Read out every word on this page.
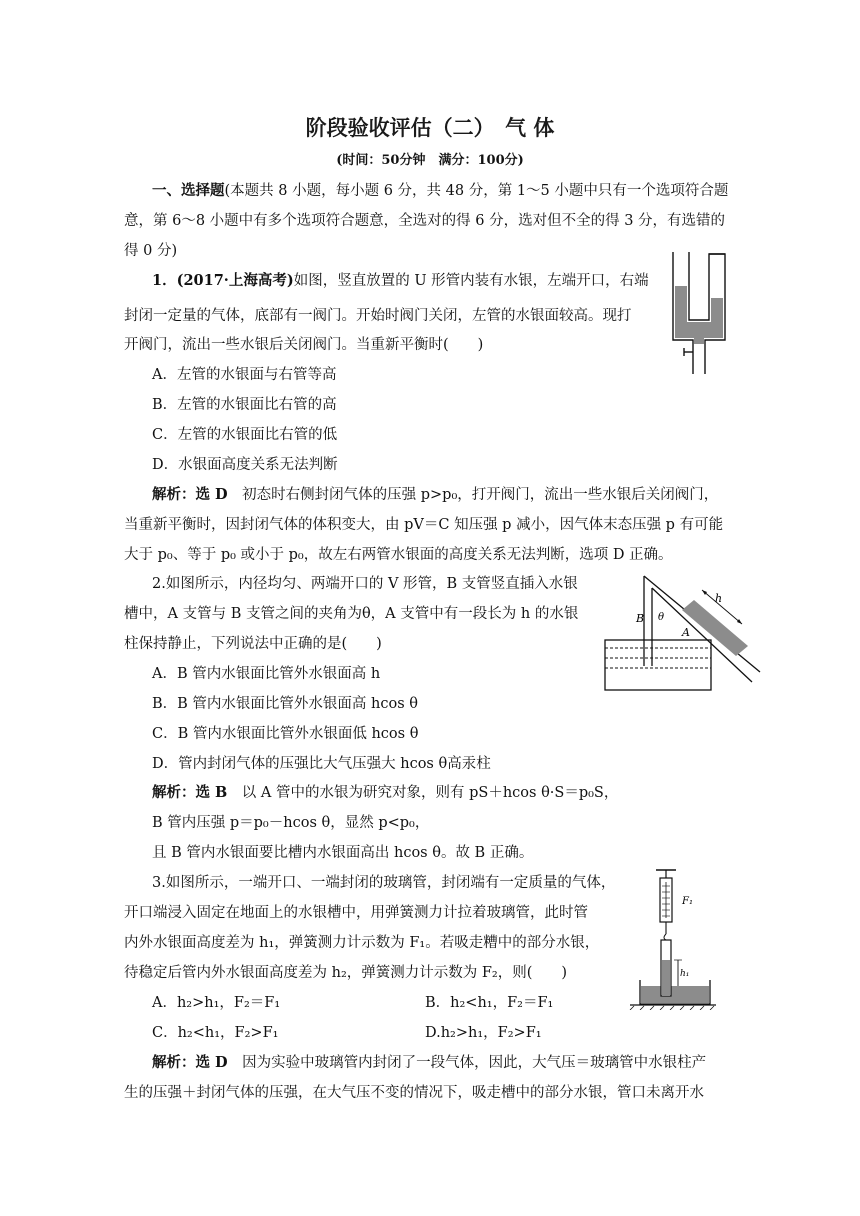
阶段验收评估（二）　气 体
(时间：50分钟　满分：100分)
一、选择题(本题共 8 小题，每小题 6 分，共 48 分，第 1～5 小题中只有一个选项符合题
意，第 6～8 小题中有多个选项符合题意，全选对的得 6 分，选对但不全的得 3 分，有选错的
得 0 分)
1．(2017·上海高考)如图，竖直放置的 U 形管内装有水银，左端开口，右端
封闭一定量的气体，底部有一阀门。开始时阀门关闭，左管的水银面较高。现打
开阀门，流出一些水银后关闭阀门。当重新平衡时(　　)
A．左管的水银面与右管等高
B．左管的水银面比右管的高
C．左管的水银面比右管的低
D．水银面高度关系无法判断
解析：选 D　初态时右侧封闭气体的压强 p>p₀，打开阀门，流出一些水银后关闭阀门，
当重新平衡时，因封闭气体的体积变大，由 pV＝C 知压强 p 减小，因气体末态压强 p 有可能
大于 p₀、等于 p₀ 或小于 p₀，故左右两管水银面的高度关系无法判断，选项 D 正确。
2.如图所示，内径均匀、两端开口的 V 形管，B 支管竖直插入水银
槽中，A 支管与 B 支管之间的夹角为θ，A 支管中有一段长为 h 的水银
柱保持静止，下列说法中正确的是(　　)
A．B 管内水银面比管外水银面高 h
B．B 管内水银面比管外水银面高 hcos θ
C．B 管内水银面比管外水银面低 hcos θ
D．管内封闭气体的压强比大气压强大 hcos θ高汞柱
解析：选 B　以 A 管中的水银为研究对象，则有 pS＋hcos θ·S＝p₀S，
B 管内压强 p＝p₀－hcos θ，显然 p<p₀，
且 B 管内水银面要比槽内水银面高出 hcos θ。故 B 正确。
h
B θ
A
3.如图所示，一端开口、一端封闭的玻璃管，封闭端有一定质量的气体，
开口端浸入固定在地面上的水银槽中，用弹簧测力计拉着玻璃管，此时管
内外水银面高度差为 h₁，弹簧测力计示数为 F₁。若吸走糟中的部分水银，
待稳定后管内外水银面高度差为 h₂，弹簧测力计示数为 F₂，则(　　)
A．h₂>h₁，F₂＝F₁	B．h₂<h₁，F₂＝F₁
C．h₂<h₁，F₂>F₁	D.h₂>h₁，F₂>F₁
解析：选 D　因为实验中玻璃管内封闭了一段气体，因此，大气压＝玻璃管中水银柱产
生的压强＋封闭气体的压强，在大气压不变的情况下，吸走槽中的部分水银，管口未离开水
F₁
h₁
